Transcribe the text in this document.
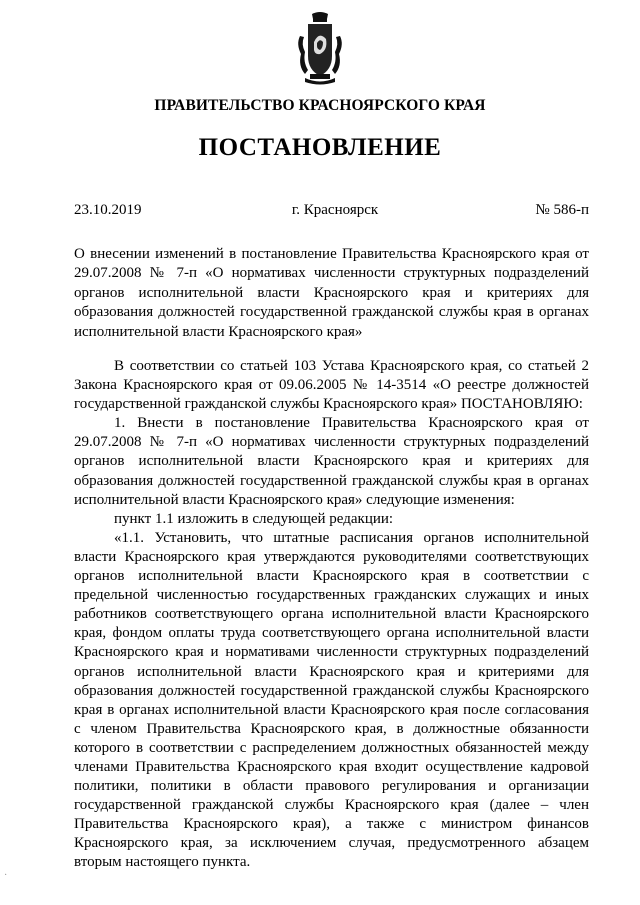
ПРАВИТЕЛЬСТВО КРАСНОЯРСКОГО КРАЯ
ПОСТАНОВЛЕНИЕ
23.10.2019	г. Красноярск	№ 586-п

О внесении изменений в постановление Правительства Красноярского края от 29.07.2008 № 7-п «О нормативах численности структурных подразделений органов исполнительной власти Красноярского края и критериях для образования должностей государственной гражданской службы края в органах исполнительной власти Красноярского края»

В соответствии со статьей 103 Устава Красноярского края, со статьей 2 Закона Красноярского края от 09.06.2005 № 14-3514 «О реестре должностей государственной гражданской службы Красноярского края» ПОСТАНОВЛЯЮ:

1. Внести в постановление Правительства Красноярского края от 29.07.2008 № 7-п «О нормативах численности структурных подразделений органов исполнительной власти Красноярского края и критериях для образования должностей государственной гражданской службы края в органах исполнительной власти Красноярского края» следующие изменения:

пункт 1.1 изложить в следующей редакции:

«1.1. Установить, что штатные расписания органов исполнительной власти Красноярского края утверждаются руководителями соответствующих органов исполнительной власти Красноярского края в соответствии с предельной численностью государственных гражданских служащих и иных работников соответствующего органа исполнительной власти Красноярского края, фондом оплаты труда соответствующего органа исполнительной власти Красноярского края и нормативами численности структурных подразделений органов исполнительной власти Красноярского края и критериями для образования должностей государственной гражданской службы Красноярского края в органах исполнительной власти Красноярского края после согласования с членом Правительства Красноярского края, в должностные обязанности которого в соответствии с распределением должностных обязанностей между членами Правительства Красноярского края входит осуществление кадровой политики, политики в области правового регулирования и организации государственной гражданской службы Красноярского края (далее – член Правительства Красноярского края), а также с министром финансов Красноярского края, за исключением случая, предусмотренного абзацем вторым настоящего пункта.

·
